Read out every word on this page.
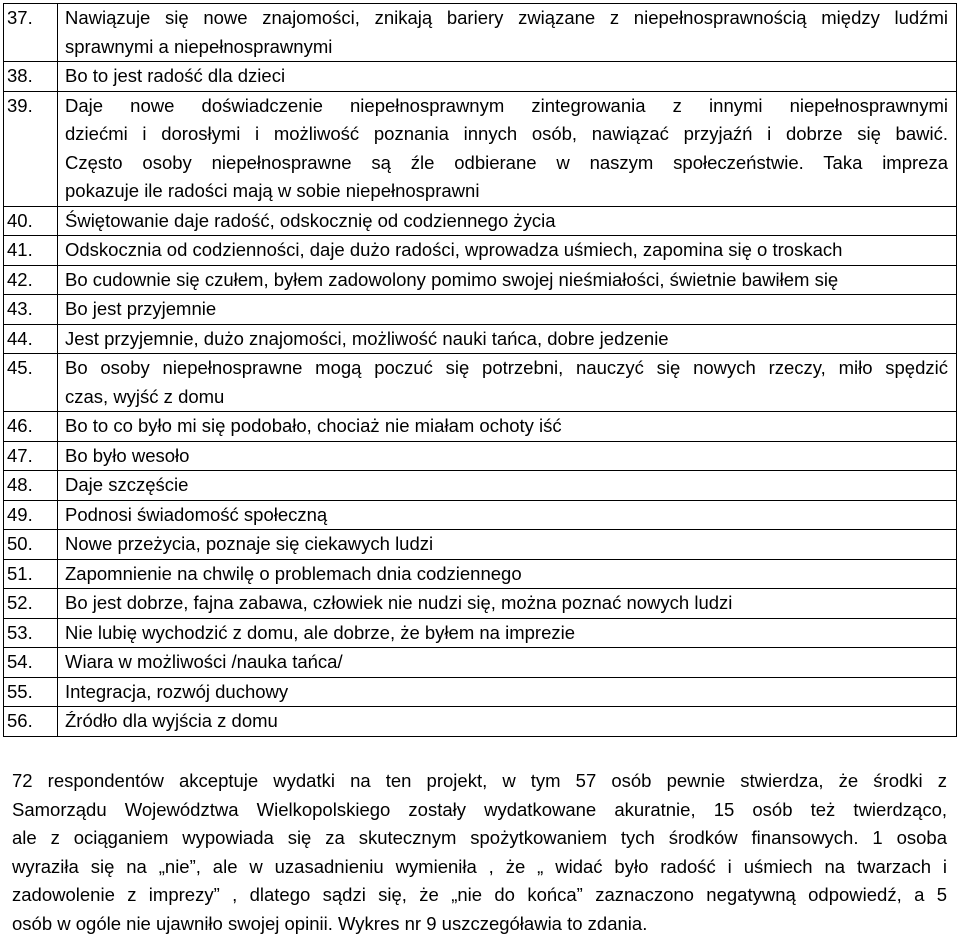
37.	Nawiązuje się nowe znajomości, znikają bariery związane z niepełnosprawnością między ludźmi
sprawnymi a niepełnosprawnymi

38.	Bo to jest radość dla dzieci

39.	Daje nowe doświadczenie niepełnosprawnym zintegrowania z innymi niepełnosprawnymi
dziećmi i dorosłymi i możliwość poznania innych osób, nawiązać przyjaźń i dobrze się bawić.
Często osoby niepełnosprawne są źle odbierane w naszym społeczeństwie. Taka impreza
pokazuje ile radości mają w sobie niepełnosprawni

40.	Świętowanie daje radość, odskocznię od codziennego życia

41.	Odskocznia od codzienności, daje dużo radości, wprowadza uśmiech, zapomina się o troskach

42.	Bo cudownie się czułem, byłem zadowolony pomimo swojej nieśmiałości, świetnie bawiłem się

43.	Bo jest przyjemnie

44.	Jest przyjemnie, dużo znajomości, możliwość nauki tańca, dobre jedzenie

45.	Bo osoby niepełnosprawne mogą poczuć się potrzebni, nauczyć się nowych rzeczy, miło spędzić
czas, wyjść z domu

46.	Bo to co było mi się podobało, chociaż nie miałam ochoty iść

47.	Bo było wesoło

48.	Daje szczęście

49.	Podnosi świadomość społeczną

50.	Nowe przeżycia, poznaje się ciekawych ludzi

51.	Zapomnienie na chwilę o problemach dnia codziennego

52.	Bo jest dobrze, fajna zabawa, człowiek nie nudzi się, można poznać nowych ludzi

53.	Nie lubię wychodzić z domu, ale dobrze, że byłem na imprezie

54.	Wiara w możliwości /nauka tańca/

55.	Integracja, rozwój duchowy

56.	Źródło dla wyjścia z domu
72 respondentów akceptuje wydatki na ten projekt, w tym 57 osób pewnie stwierdza, że środki z
Samorządu Województwa Wielkopolskiego zostały wydatkowane akuratnie, 15 osób też twierdząco,
ale z ociąganiem wypowiada się za skutecznym spożytkowaniem tych środków finansowych. 1 osoba
wyraziła się na „nie”, ale w uzasadnieniu wymieniła , że „ widać było radość i uśmiech na twarzach i
zadowolenie z imprezy” , dlatego sądzi się, że „nie do końca” zaznaczono negatywną odpowiedź, a 5
osób w ogóle nie ujawniło swojej opinii. Wykres nr 9 uszczegóławia to zdania.
